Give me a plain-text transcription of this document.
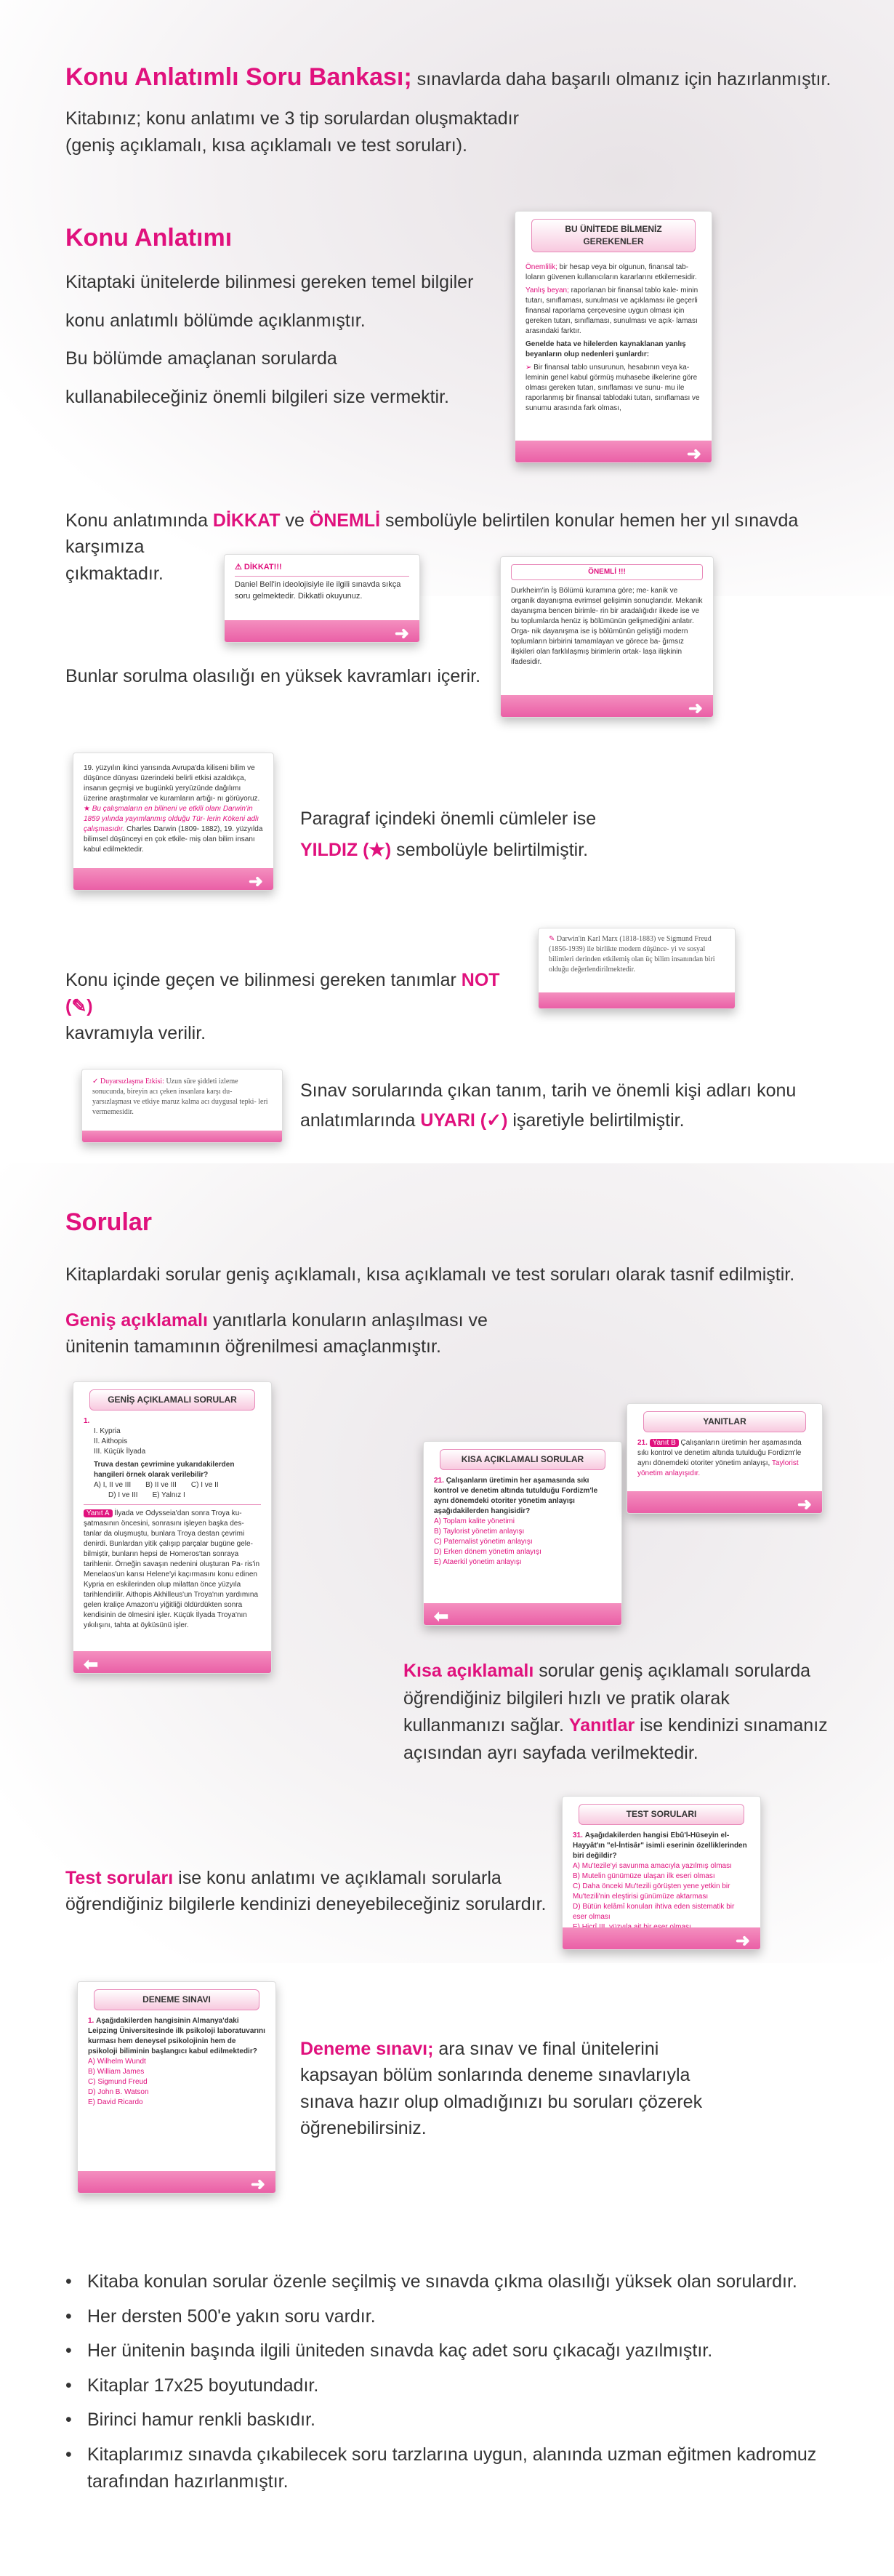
Konu Anlatımlı Soru Bankası; sınavlarda daha başarılı olmanız için hazırlanmıştır.
Kitabınız; konu anlatımı ve 3 tip sorulardan oluşmaktadır
(geniş açıklamalı, kısa açıklamalı ve test soruları).
Konu Anlatımı
Kitaptaki ünitelerde bilinmesi gereken temel bilgiler
konu anlatımlı bölümde açıklanmıştır.
Bu bölümde amaçlanan sorularda
kullanabileceğiniz önemli bilgileri size vermektir.
BU ÜNİTEDE BİLMENİZ GEREKENLER

Önemlilik; bir hesap veya bir olgunun, finansal tab- loların güvenen kullanıcıların kararlarını etkilemesidir.

Yanlış beyan; raporlanan bir finansal tablo kale- minin tutarı, sınıflaması, sunulması ve açıklaması ile geçerli finansal raporlama çerçevesine uygun olması için gereken tutarı, sınıflaması, sunulması ve açık- laması arasındaki farktır.

Genelde hata ve hilelerden kaynaklanan yanlış beyanların olup nedenleri şunlardır:

➢ Bir finansal tablo unsurunun, hesabının veya ka- leminin genel kabul görmüş muhasebe ilkelerine göre olması gereken tutarı, sınıflaması ve sunu- mu ile raporlanmış bir finansal tablodaki tutarı, sınıflaması ve sunumu arasında fark olması,

➜
Konu anlatımında DİKKAT ve ÖNEMLİ sembolüyle belirtilen konular hemen her yıl sınavda karşımıza
çıkmaktadır.	⚠ DİKKAT!!!
Daniel Bell'in ideolojisiyle ile ilgili sınavda sıkça soru gelmektedir. Dikkatli okuyunuz.
➜
ÖNEMLİ !!!
Durkheim'in İş Bölümü kuramına göre; me- kanik ve organik dayanışma evrimsel gelişimin sonuçlarıdır. Mekanik dayanışma bencen birimle- rin bir aradalığıdır ilkede ise ve bu toplumlarda henüz iş bölümünün gelişmediğini anlatır. Orga- nik dayanışma ise iş bölümünün geliştiği modern toplumların birbirini tamamlayan ve görece ba- ğımsız ilişkileri olan farklılaşmış birimlerin ortak- laşa ilişkinin ifadesidir.
➜
Bunlar sorulma olasılığı en yüksek kavramları içerir.
19. yüzyılın ikinci yarısında Avrupa'da kiliseni bilim ve düşünce dünyası üzerindeki belirli etkisi azaldıkça, insanın geçmişi ve bugünkü yeryüzünde dağılımı üzerine araştırmalar ve kuramların artığı- nı görüyoruz. ★ Bu çalışmaların en bilineni ve etkili olanı Darwin'in 1859 yılında yayımlanmış olduğu Tür- lerin Kökeni adlı çalışmasıdır. Charles Darwin (1809- 1882), 19. yüzyılda bilimsel düşünceyi en çok etkile- miş olan bilim insanı kabul edilmektedir.
➜
Paragraf içindeki önemli cümleler ise
YILDIZ (★) sembolüyle belirtilmiştir.
✎ Darwin'in Karl Marx (1818-1883) ve Sigmund Freud (1856-1939) ile birlikte modern düşünce- yi ve sosyal bilimleri derinden etkilemiş olan üç bilim insanından biri olduğu değerlendirilmektedir.
Konu içinde geçen ve bilinmesi gereken tanımlar NOT (✎)
kavramıyla verilir.
✓ Duyarsızlaşma Etkisi: Uzun süre şiddeti izleme sonucunda, bireyin acı çeken insanlara karşı du- yarsızlaşması ve etkiye maruz kalma acı duygusal tepki- leri vermemesidir.
Sınav sorularında çıkan tanım, tarih ve önemli kişi adları konu
anlatımlarında UYARI (✓) işaretiyle belirtilmiştir.
Sorular
Kitaplardaki sorular geniş açıklamalı, kısa açıklamalı ve test soruları olarak tasnif edilmiştir.
Geniş açıklamalı yanıtlarla konuların anlaşılması ve
ünitenin tamamının öğrenilmesi amaçlanmıştır.
GENİŞ AÇIKLAMALI SORULAR
1.
I. Kypria
II. Aithopis
III. Küçük İlyada
Truva destan çevrimine yukarıdakilerden hangileri örnek olarak verilebilir?
A) I, II ve III B) II ve III C) I ve II
D) I ve III E) Yalnız I
Yanıt A İlyada ve Odysseia'dan sonra Troya ku- şatmasının öncesini, sonrasını işleyen başka des- tanlar da oluşmuştu, bunlara Troya destan çevrimi denirdi. Bunlardan yitik çalışıp parçalar bugüne gele- bilmiştir, bunların hepsi de Homeros'tan sonraya tarihlenir. Örneğin savaşın nedenini oluşturan Pa- ris'in Menelaos'un karısı Helene'yi kaçırmasını konu edinen Kypria en eskilerinden olup milattan önce yüzyıla tarihlendirilir. Aithopis Akhilleus'un Troya'nın yardımına gelen kraliçe Amazon'u yiğitliği öldürdükten sonra kendisinin de ölmesini işler. Küçük İlyada Troya'nın yıkılışını, tahta at öyküsünü işler.
⬅
KISA AÇIKLAMALI SORULAR
21. Çalışanların üretimin her aşamasında sıkı kontrol ve denetim altında tutulduğu Fordizm'le aynı dönemdeki otoriter yönetim anlayışı aşağıdakilerden hangisidir?
A) Toplam kalite yönetimi
B) Taylorist yönetim anlayışı
C) Paternalist yönetim anlayışı
D) Erken dönem yönetim anlayışı
E) Ataerkil yönetim anlayışı
⬅
YANITLAR
21. Yanıt B Çalışanların üretimin her aşamasında sıkı kontrol ve denetim altında tutulduğu Fordizm'le aynı dönemdeki otoriter yönetim anlayışı, Taylorist yönetim anlayışıdır.
➜
Kısa açıklamalı sorular geniş açıklamalı sorularda
öğrendiğiniz bilgileri hızlı ve pratik olarak
kullanmanızı sağlar. Yanıtlar ise kendinizi sınamanız
açısından ayrı sayfada verilmektedir.
TEST SORULARI
31. Aşağıdakilerden hangisi Ebû'l-Hüseyin el-Hayyât'ın "el-İntisâr" isimli eserinin özelliklerinden biri değildir?
A) Mu'tezile'yi savunma amacıyla yazılmış olması
B) Mutelin günümüze ulaşan ilk eseri olması
C) Daha önceki Mu'tezili görüşten yene yetkin bir Mu'tezili'nin eleştirisi günümüze aktarması
D) Bütün kelâmî konuları ihtiva eden sistematik bir eser olması
➜
Test soruları ise konu anlatımı ve açıklamalı sorularla
öğrendiğiniz bilgilerle kendinizi deneyebileceğiniz sorulardır.
DENEME SINAVI
1. Aşağıdakilerden hangisinin Almanya'daki Leipzing Üniversitesinde ilk psikoloji laboratuvarını kurması hem deneysel psikolojinin hem de psikoloji biliminin başlangıcı kabul edilmektedir?
A) Wilhelm Wundt
B) William James
C) Sigmund Freud
D) John B. Watson
E) David Ricardo
➜
Deneme sınavı; ara sınav ve final ünitelerini
kapsayan bölüm sonlarında deneme sınavlarıyla
sınava hazır olup olmadığınızı bu soruları çözerek
öğrenebilirsiniz.
• Kitaba konulan sorular özenle seçilmiş ve sınavda çıkma olasılığı yüksek olan sorulardır.
• Her dersten 500'e yakın soru vardır.
• Her ünitenin başında ilgili üniteden sınavda kaç adet soru çıkacağı yazılmıştır.
• Kitaplar 17x25 boyutundadır.
• Birinci hamur renkli baskıdır.
• Kitaplarımız sınavda çıkabilecek soru tarzlarına uygun, alanında uzman eğitmen kadromuz tarafından hazırlanmıştır.
